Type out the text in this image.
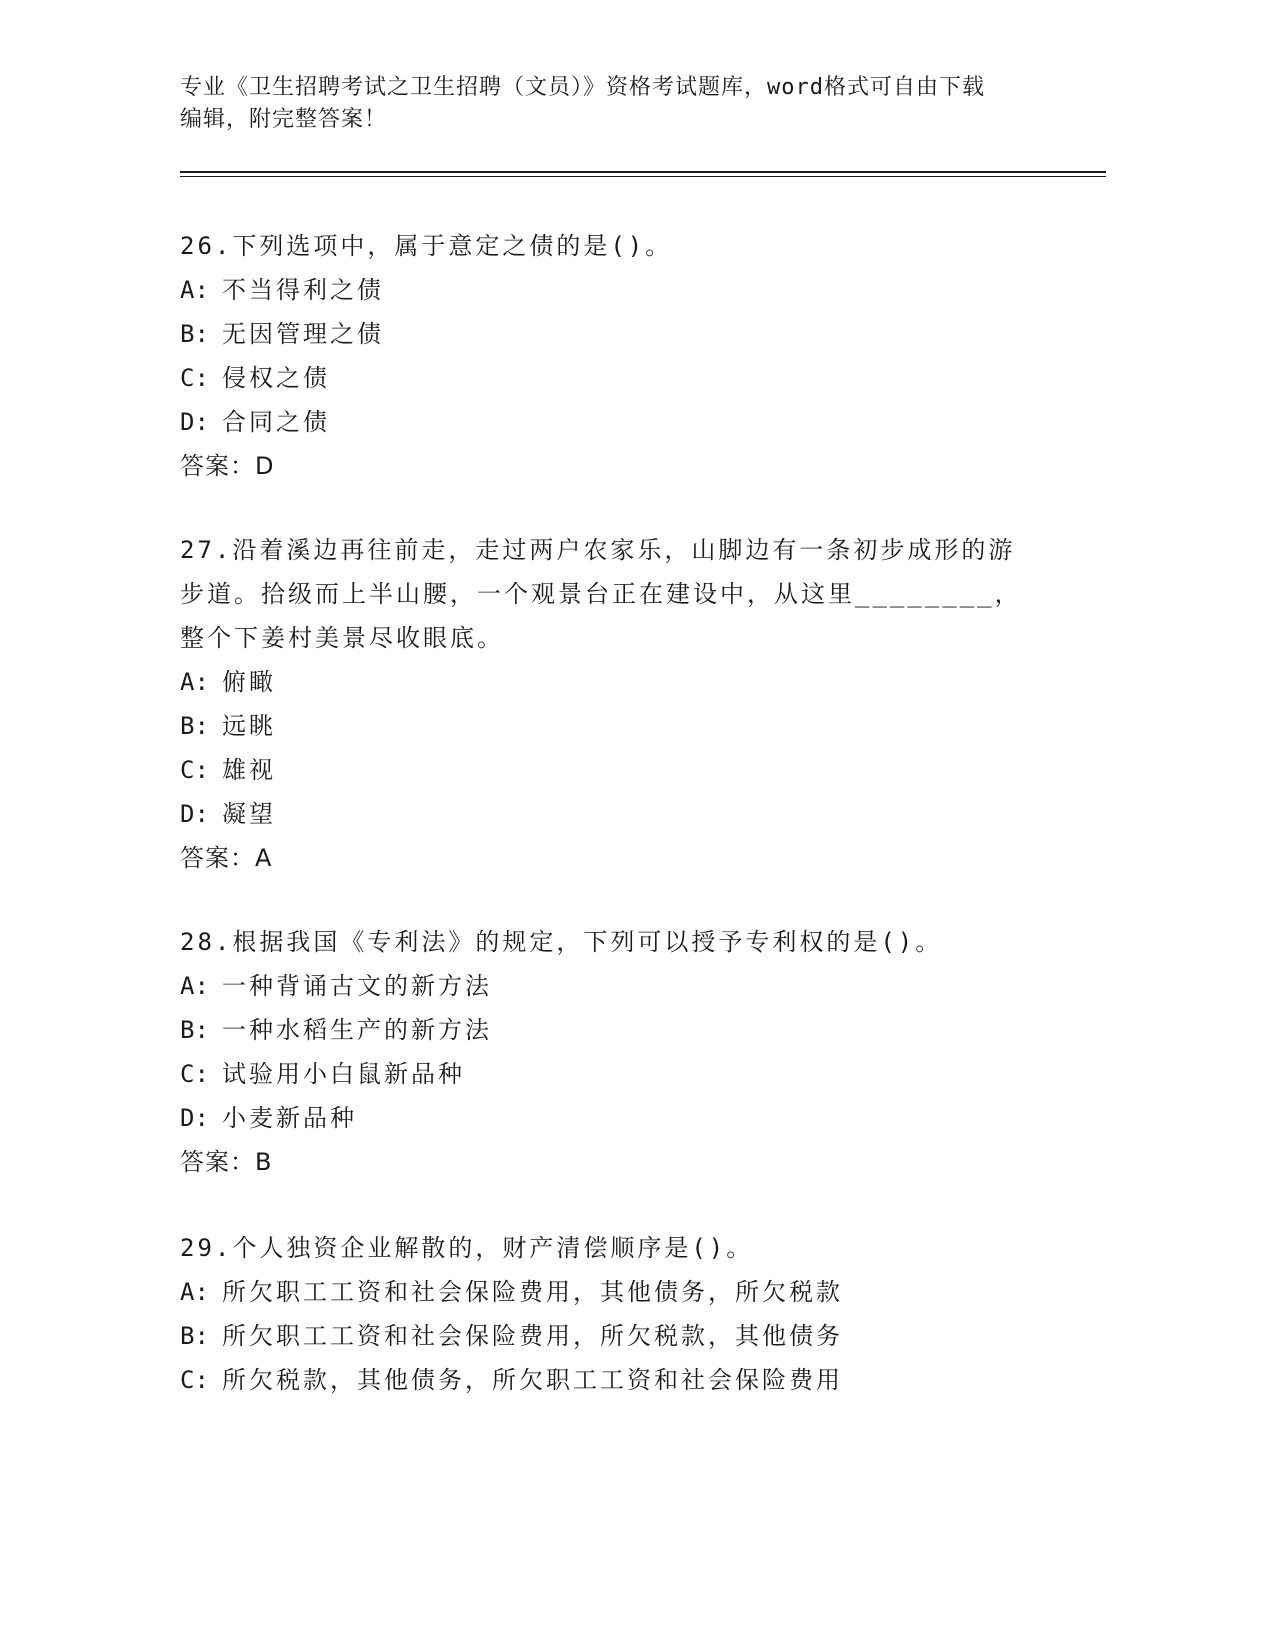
专业《卫生招聘考试之卫生招聘（文员）》资格考试题库，word格式可自由下载
编辑，附完整答案！
26.下列选项中，属于意定之债的是()。
A: 不当得利之债
B: 无因管理之债
C: 侵权之债
D: 合同之债
答案：D
27.沿着溪边再往前走，走过两户农家乐，山脚边有一条初步成形的游
步道。拾级而上半山腰，一个观景台正在建设中，从这里________，
整个下姜村美景尽收眼底。
A: 俯瞰
B: 远眺
C: 雄视
D: 凝望
答案：A
28.根据我国《专利法》的规定，下列可以授予专利权的是()。
A: 一种背诵古文的新方法
B: 一种水稻生产的新方法
C: 试验用小白鼠新品种
D: 小麦新品种
答案：B
29.个人独资企业解散的，财产清偿顺序是()。
A: 所欠职工工资和社会保险费用，其他债务，所欠税款
B: 所欠职工工资和社会保险费用，所欠税款，其他债务
C: 所欠税款，其他债务，所欠职工工资和社会保险费用
